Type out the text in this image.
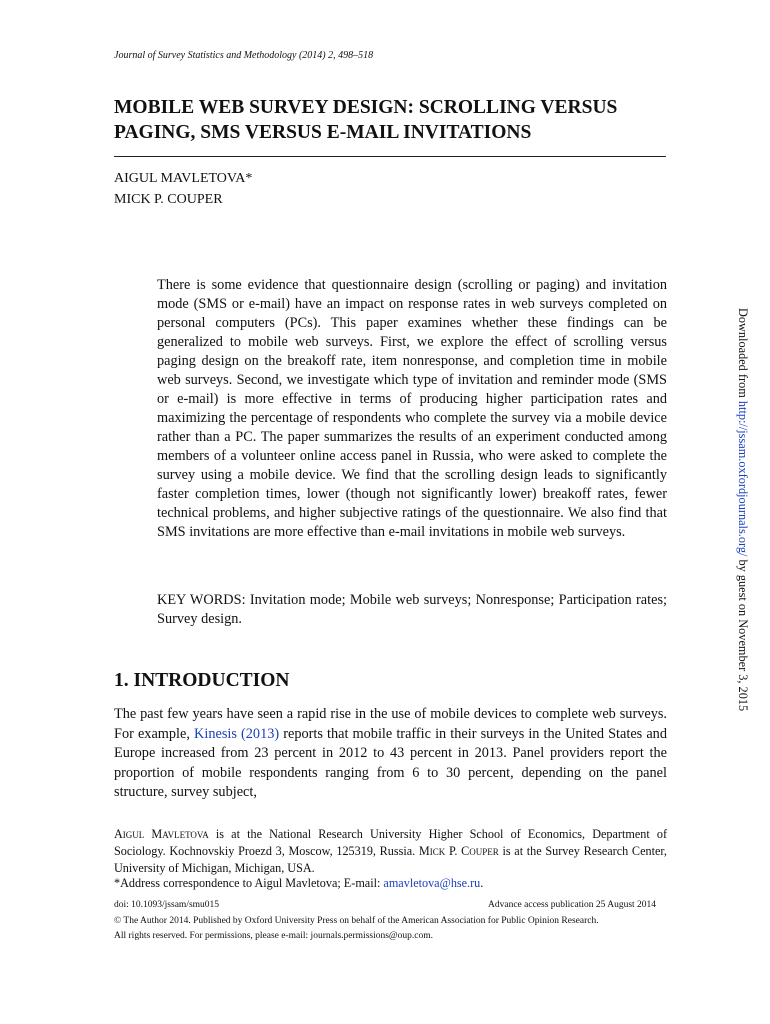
Journal of Survey Statistics and Methodology (2014) 2, 498–518
MOBILE WEB SURVEY DESIGN: SCROLLING VERSUS
PAGING, SMS VERSUS E-MAIL INVITATIONS
AIGUL MAVLETOVA*
MICK P. COUPER

There is some evidence that questionnaire design (scrolling or paging) and invitation mode (SMS or e-mail) have an impact on response rates in web surveys completed on personal computers (PCs). This paper examines whether these findings can be generalized to mobile web surveys. First, we explore the effect of scrolling versus paging design on the breakoff rate, item nonresponse, and completion time in mobile web surveys. Second, we investigate which type of invitation and reminder mode (SMS or e-mail) is more effective in terms of producing higher participation rates and maximizing the percentage of respondents who complete the survey via a mobile device rather than a PC. The paper summarizes the results of an experiment conducted among members of a volunteer online access panel in Russia, who were asked to complete the survey using a mobile device. We find that the scrolling design leads to significantly faster completion times, lower (though not significantly lower) breakoff rates, fewer technical problems, and higher subjective ratings of the questionnaire. We also find that SMS invitations are more effective than e-mail invitations in mobile web surveys.

KEY WORDS: Invitation mode; Mobile web surveys; Nonresponse; Participation rates; Survey design.

1. INTRODUCTION

The past few years have seen a rapid rise in the use of mobile devices to complete web surveys. For example, Kinesis (2013) reports that mobile traffic in their surveys in the United States and Europe increased from 23 percent in 2012 to 43 percent in 2013. Panel providers report the proportion of mobile respondents ranging from 6 to 30 percent, depending on the panel structure, survey subject,

Aigul Mavletova is at the National Research University Higher School of Economics, Department of Sociology. Kochnovskiy Proezd 3, Moscow, 125319, Russia. Mick P. Couper is at the Survey Research Center, University of Michigan, Michigan, USA.

*Address correspondence to Aigul Mavletova; E-mail: amavletova@hse.ru.

doi: 10.1093/jssam/smu015	Advance access publication 25 August 2014
© The Author 2014. Published by Oxford University Press on behalf of the American Association for Public Opinion Research.
All rights reserved. For permissions, please e-mail: journals.permissions@oup.com.
Downloaded from http://jssam.oxfordjournals.org/ by guest on November 3, 2015
